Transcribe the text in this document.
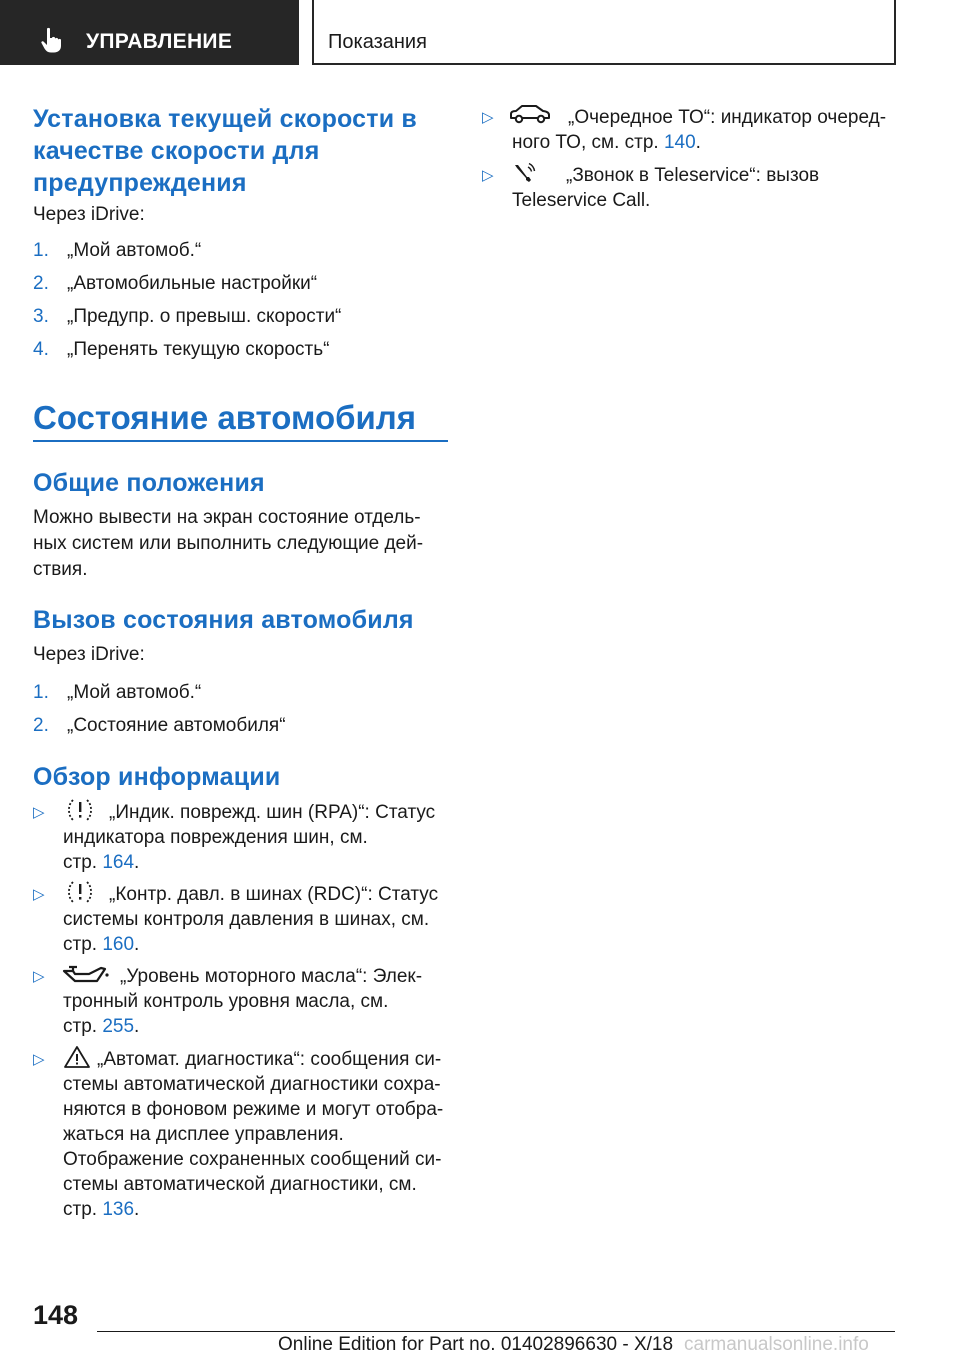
УПРАВЛЕНИЕ	Показания
Установка текущей скорости в
качестве скорости для
предупреждения
Через iDrive:
1. „Мой автомоб.“
2. „Автомобильные настройки“
3. „Предупр. о превыш. скорости“
4. „Перенять текущую скорость“
Состояние автомобиля
Общие положения
Можно вывести на экран состояние отдель-
ных систем или выполнить следующие дей-
ствия.
Вызов состояния автомобиля
Через iDrive:
1. „Мой автомоб.“
2. „Состояние автомобиля“
Обзор информации
▷	„Индик. поврежд. шин (RPA)“: Статус
индикатора повреждения шин, см.
стр. 164.
▷	„Контр. давл. в шинах (RDC)“: Статус
системы контроля давления в шинах, см.
стр. 160.
▷	„Уровень моторного масла“: Элек-
тронный контроль уровня масла, см.
стр. 255.
▷	„Автомат. диагностика“: сообщения си-
стемы автоматической диагностики сохра-
няются в фоновом режиме и могут отобра-
жаться на дисплее управления.
Отображение сохраненных сообщений си-
стемы автоматической диагностики, см.
стр. 136.
▷	„Очередное ТО“: индикатор очеред-
ного ТО, см. стр. 140.
▷	„Звонок в Teleservice“: вызов
Teleservice Call.
148
Online Edition for Part no. 01402896630 - X/18 carmanualsonline.info
